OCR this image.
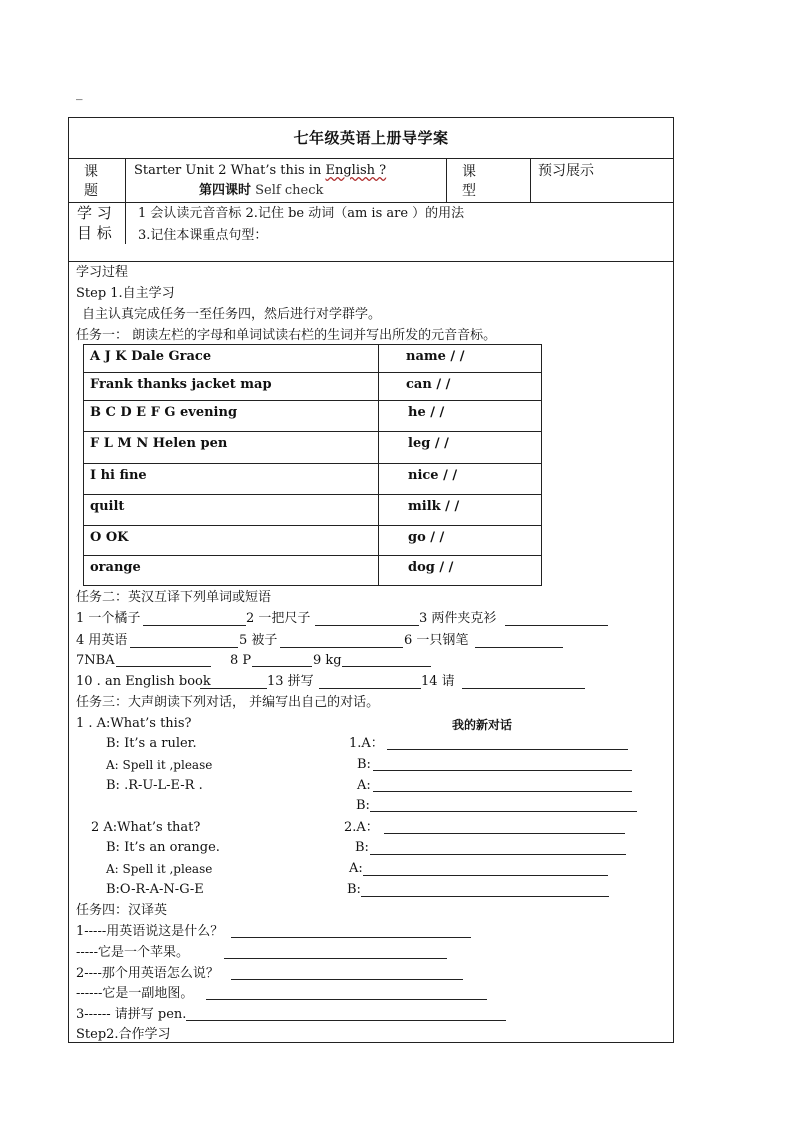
_
七年级英语上册导学案
课
题
Starter Unit 2 What’s this in English ?
第四课时 Self check
课
型
预习展示
学 习
目 标
1 会认读元音音标 2.记住 be 动词（am is are ）的用法
3.记住本课重点句型：
学习过程
Step 1.自主学习
自主认真完成任务一至任务四，然后进行对学群学。
任务一： 朗读左栏的字母和单词试读右栏的生词并写出所发的元音音标。
A J K Dale Grace	name / /
Frank thanks jacket map	can / /
B C D E F G evening	he / /
F L M N Helen pen	leg / /
I hi fine	nice / /
quilt	milk / /
O OK	go / /
orange	dog / /
任务二：英汉互译下列单词或短语
1 一个橘子	2 一把尺子	3 两件夹克衫
4 用英语	5 被子	6 一只钢笔
7NBA	8 P	9 kg
10 . an English book	13 拼写	14 请
任务三：大声朗读下列对话， 并编写出自己的对话。
1 . A:What’s this?
B: It’s a ruler.
A: Spell it ,please
B: .R-U-L-E-R .
我的新对话
1.A：
B:
A:
B:
2 A:What’s that?
B: It’s an orange.
A: Spell it ,please
B:O-R-A-N-G-E
2.A：
B:
A:
B:
任务四：汉译英
1-----用英语说这是什么？
-----它是一个苹果。
2----那个用英语怎么说？
------它是一副地图。
3------ 请拼写 pen.
Step2.合作学习
